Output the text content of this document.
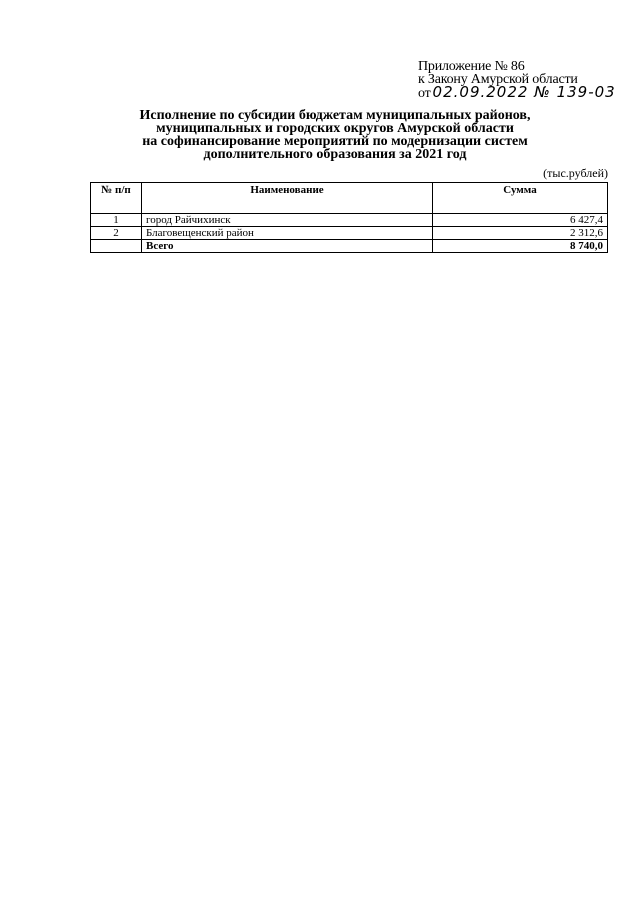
Приложение № 86
к Закону Амурской области
от 02.09.2022 № 139-03
Исполнение по субсидии бюджетам муниципальных районов,
муниципальных и городских округов Амурской области
на софинансирование мероприятий по модернизации систем
дополнительного образования за 2021 год
(тыс.рублей)
№ п/п	Наименование	Сумма
1	город Райчихинск	6 427,4
2	Благовещенский район	2 312,6
	Всего	8 740,0
